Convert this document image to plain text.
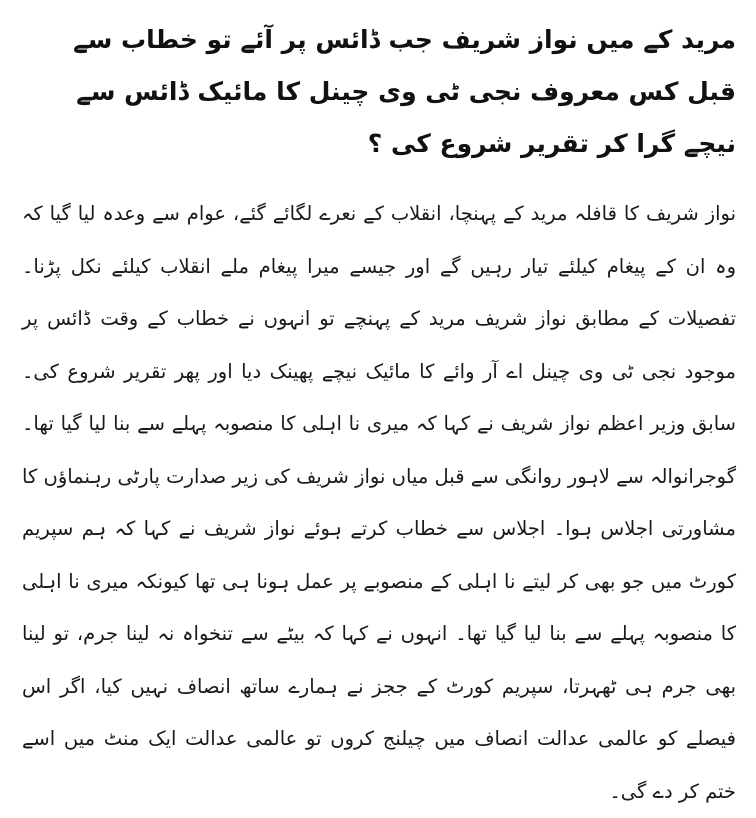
مرید کے میں نواز شریف جب ڈائس پر آئے تو خطاب سے قبل کس معروف نجی ٹی وی چینل کا مائیک ڈائس سے نیچے گرا کر تقریر شروع کی ؟

نواز شریف کا قافلہ مرید کے پہنچا، انقلاب کے نعرے لگائے گئے، عوام سے وعدہ لیا گیا کہ وہ ان کے پیغام کیلئے تیار رہیں گے اور جیسے میرا پیغام ملے انقلاب کیلئے نکل پڑنا۔ تفصیلات کے مطابق نواز شریف مرید کے پہنچے تو انہوں نے خطاب کے وقت ڈائس پر موجود نجی ٹی وی چینل اے آر وائے کا مائیک نیچے پھینک دیا اور پھر تقریر شروع کی۔ سابق وزیر اعظم نواز شریف نے کہا کہ میری نا اہلی کا منصوبہ پہلے سے بنا لیا گیا تھا۔ گوجرانوالہ سے لاہور روانگی سے قبل میاں نواز شریف کی زیر صدارت پارٹی رہنماؤں کا مشاورتی اجلاس ہوا۔ اجلاس سے خطاب کرتے ہوئے نواز شریف نے کہا کہ ہم سپریم کورٹ میں جو بھی کر لیتے نا اہلی کے منصوبے پر عمل ہونا ہی تھا کیونکہ میری نا اہلی کا منصوبہ پہلے سے بنا لیا گیا تھا۔ انہوں نے کہا کہ بیٹے سے تنخواہ نہ لینا جرم، تو لینا بھی جرم ہی ٹھہرتا، سپریم کورٹ کے ججز نے ہمارے ساتھ انصاف نہیں کیا، اگر اس فیصلے کو عالمی عدالت انصاف میں چیلنج کروں تو عالمی عدالت ایک منٹ میں اسے ختم کر دے گی۔
